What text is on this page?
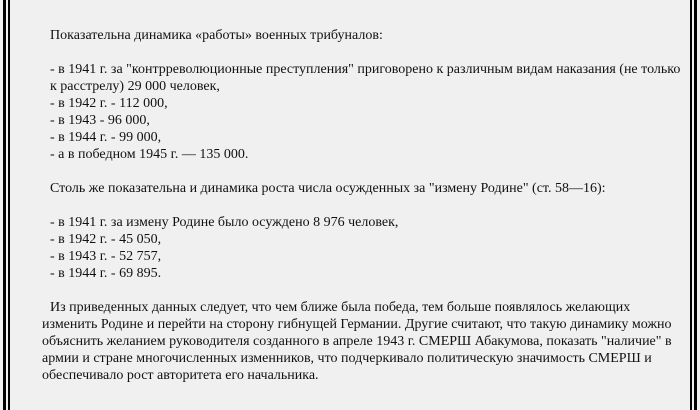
Показательна динамика «работы» военных трибуналов:

- в 1941 г. за "контрреволюционные преступления" приговорено к различным видам наказания (не только к расстрелу) 29 000 человек,

- в 1942 г. - 112 000,

- в 1943 - 96 000,

- в 1944 г. - 99 000,

- а в победном 1945 г. — 135 000.

Столь же показательна и динамика роста числа осужденных за "измену Родине" (ст. 58—16):

- в 1941 г. за измену Родине было осуждено 8 976 человек,

- в 1942 г. - 45 050,

- в 1943 г. - 52 757,

- в 1944 г. - 69 895.

Из приведенных данных следует, что чем ближе была победа, тем больше появлялось желающих изменить Родине и перейти на сторону гибнущей Германии. Другие считают, что такую динамику можно объяснить желанием руководителя созданного в апреле 1943 г. СМЕРШ Абакумова, показать "наличие" в армии и стране многочисленных изменников, что подчеркивало политическую значимость СМЕРШ и обеспечивало рост авторитета его начальника.
